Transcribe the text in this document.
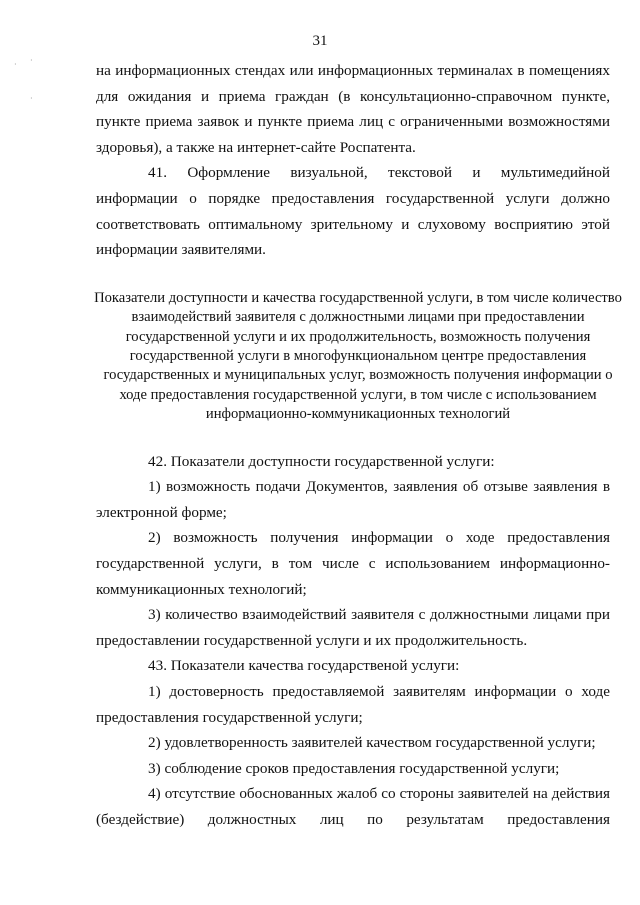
31

на информационных стендах или информационных терминалах в помещениях для ожидания и приема граждан (в консультационно-справочном пункте, пункте приема заявок и пункте приема лиц с ограниченными возможностями здоровья), а также на интернет-сайте Роспатента.

41. Оформление визуальной, текстовой и мультимедийной информации о порядке предоставления государственной услуги должно соответствовать оптимальному зрительному и слуховому восприятию этой информации заявителями.

Показатели доступности и качества государственной услуги, в том числе количество взаимодействий заявителя с должностными лицами при предоставлении государственной услуги и их продолжительность, возможность получения государственной услуги в многофункциональном центре предоставления государственных и муниципальных услуг, возможность получения информации о ходе предоставления государственной услуги, в том числе с использованием информационно-коммуникационных технологий

42. Показатели доступности государственной услуги:

1) возможность подачи Документов, заявления об отзыве заявления в электронной форме;

2) возможность получения информации о ходе предоставления государственной услуги, в том числе с использованием информационно-коммуникационных технологий;

3) количество взаимодействий заявителя с должностными лицами при предоставлении государственной услуги и их продолжительность.

43. Показатели качества государственой услуги:

1) достоверность предоставляемой заявителям информации о ходе предоставления государственной услуги;

2) удовлетворенность заявителей качеством государственной услуги;

3) соблюдение сроков предоставления государственной услуги;

4) отсутствие обоснованных жалоб со стороны заявителей на действия (бездействие) должностных лиц по результатам предоставления

· ·
·
